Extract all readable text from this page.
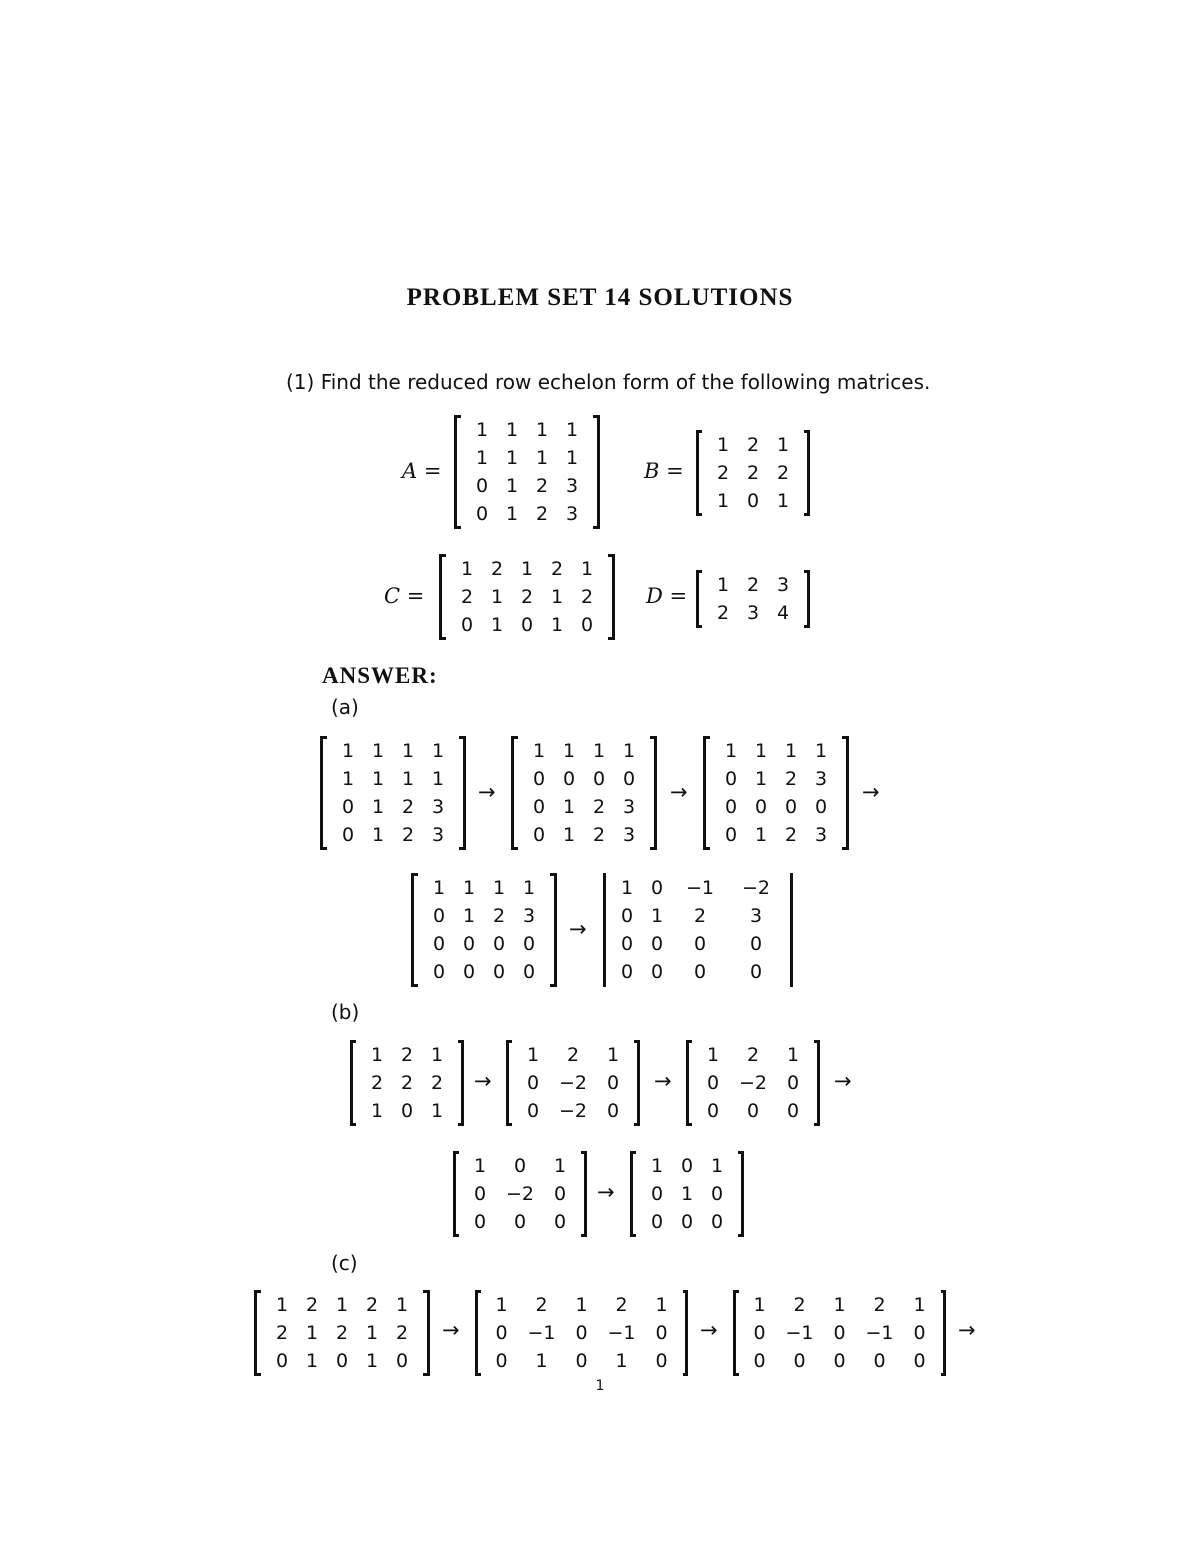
PROBLEM SET 14 SOLUTIONS
(1) Find the reduced row echelon form of the following matrices.
A =	B =
C =	D =
ANSWER:
(a)
(b)
(c)
→	→	→
→
→	→	→
→
→	→	→
1
1 1 1 1
1 1 1 1
0 1 2 3
0 1 2 3
1 2 1
2 2 2
1 0 1
1 2 1 2 1
2 1 2 1 2
0 1 0 1 0
1 2 3
2 3 4
1 1 1 1
1 1 1 1
0 1 2 3
0 1 2 3
1 1 1 1
0 0 0 0
0 1 2 3
0 1 2 3
1 1 1 1
0 1 2 3
0 0 0 0
0 1 2 3
1 1 1 1
0 1 2 3
0 0 0 0
0 0 0 0
1 0	−1	−2
0 1	2	3
0 0	0	0
0 0	0	0
1 2 1
2 2 2
1 0 1
1	2	1
0	−2	0
0	−2	0
1	2	1
0	−2	0
0	0	0
1	0	1
0	−2	0
0	0	0
1 0 1
0 1 0
0 0 0
1 2 1 2 1
2 1 2 1 2
0 1 0 1 0
1	2	1	2	1
0	−1	0	−1	0
0	1	0	1	0
1	2	1	2	1
0	−1	0	−1	0
0	0	0	0	0
